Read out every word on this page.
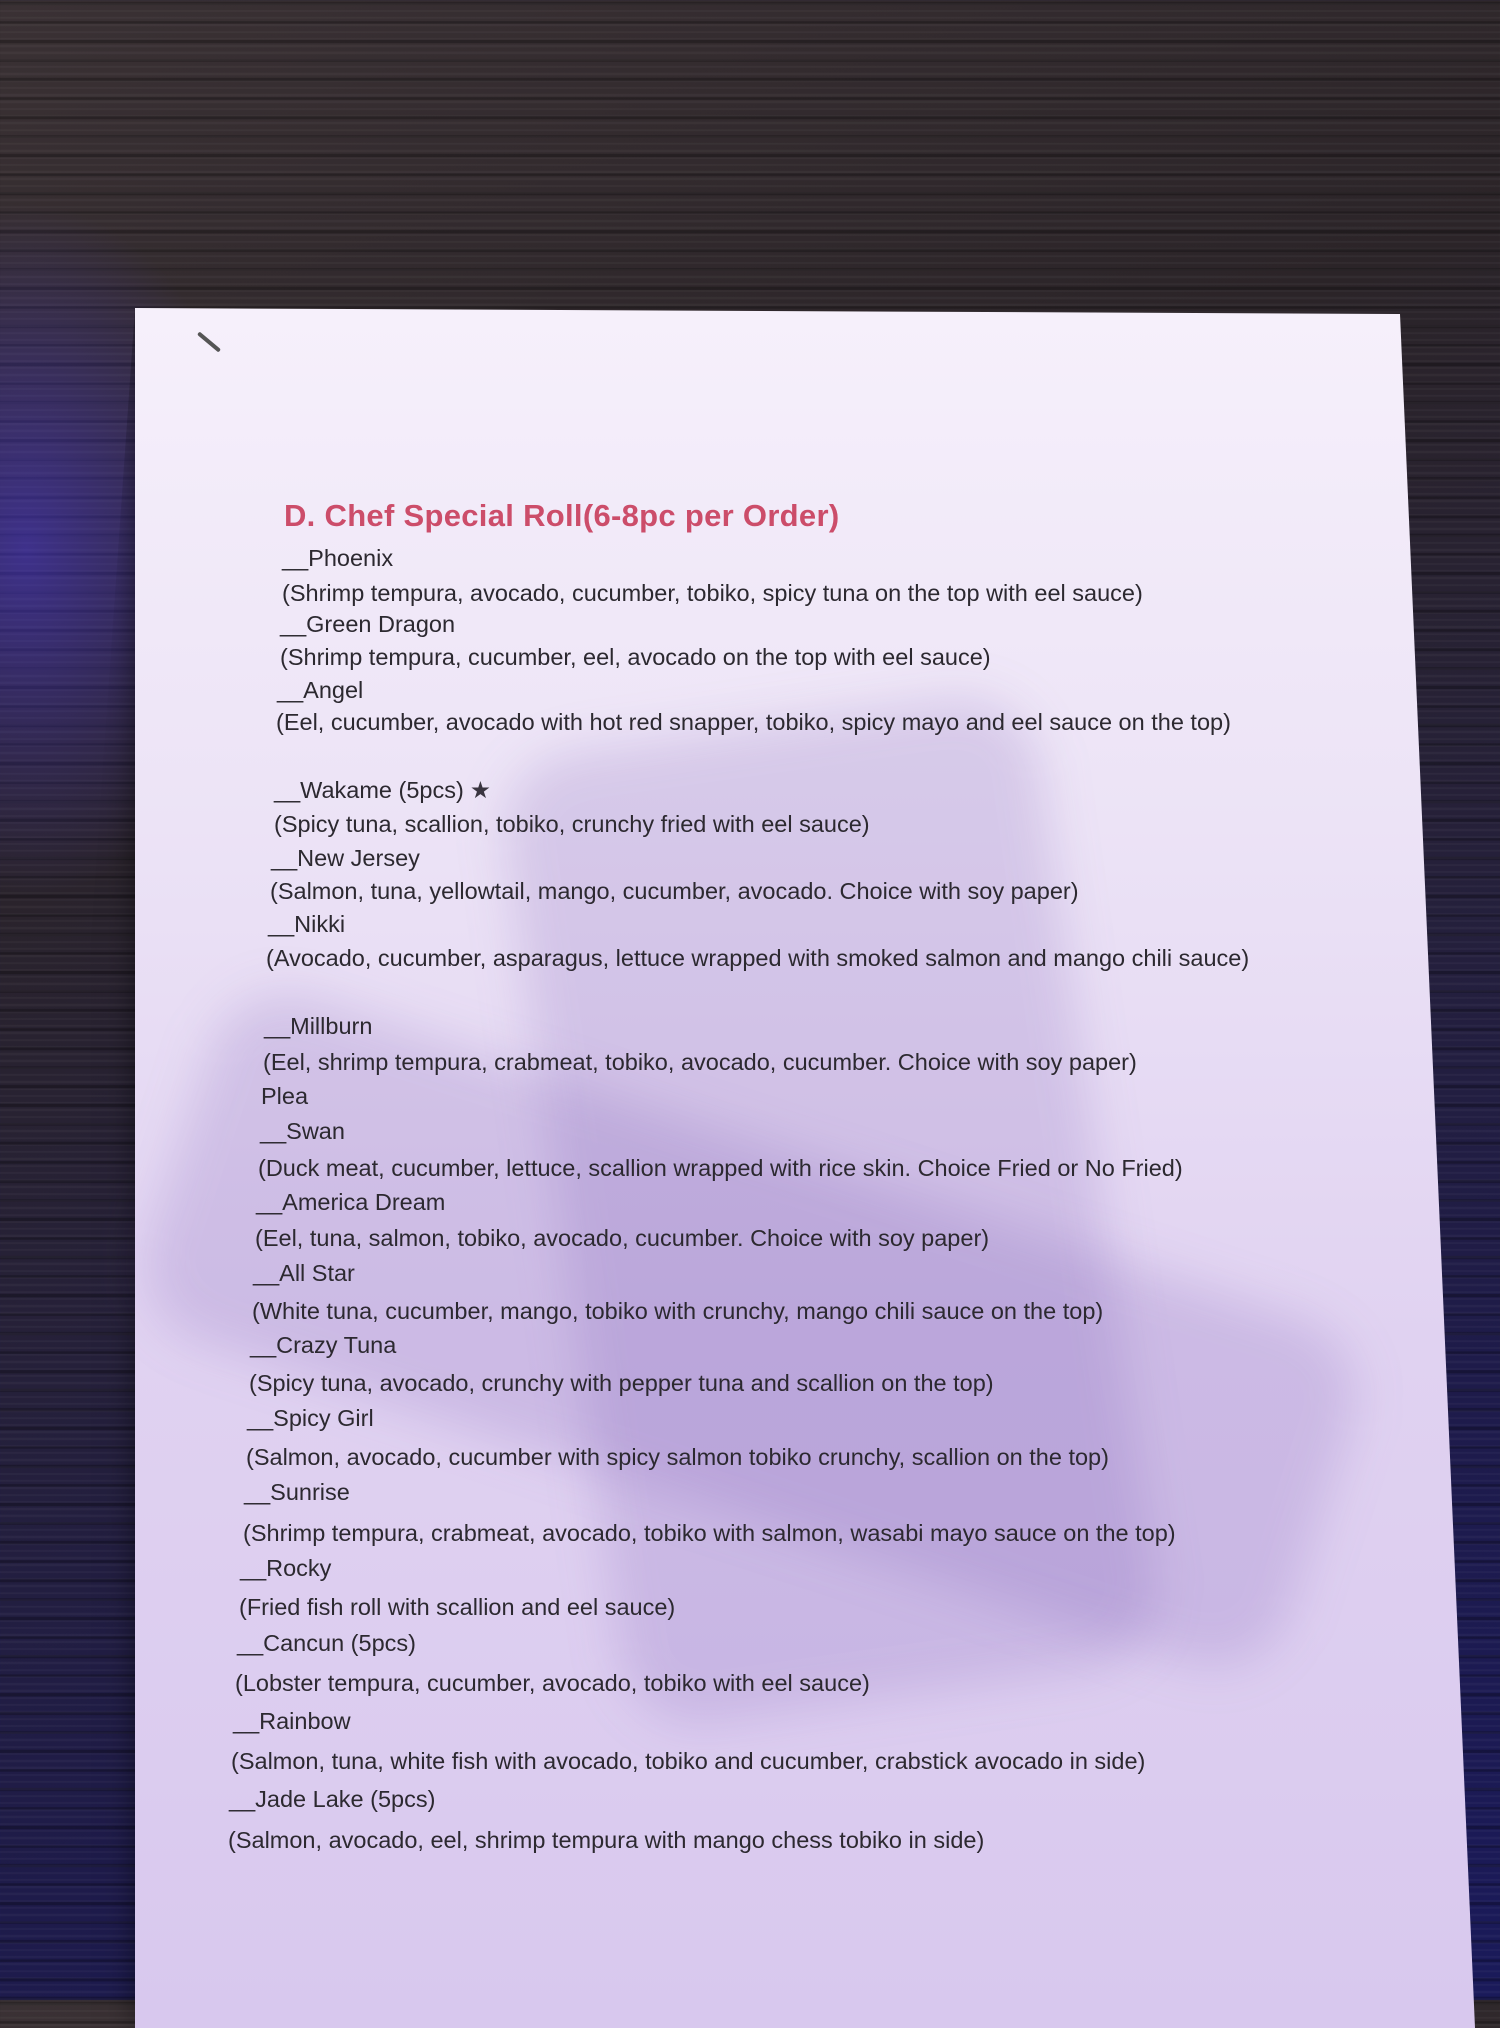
D. Chef Special Roll(6-8pc per Order)
__Phoenix
(Shrimp tempura, avocado, cucumber, tobiko, spicy tuna on the top with eel sauce)
__Green Dragon
(Shrimp tempura, cucumber, eel, avocado on the top with eel sauce)
__Angel
(Eel, cucumber, avocado with hot red snapper, tobiko, spicy mayo and eel sauce on the top)
__Wakame (5pcs) ★
(Spicy tuna, scallion, tobiko, crunchy fried with eel sauce)
__New Jersey
(Salmon, tuna, yellowtail, mango, cucumber, avocado. Choice with soy paper)
__Nikki
(Avocado, cucumber, asparagus, lettuce wrapped with smoked salmon and mango chili sauce)
__Millburn
(Eel, shrimp tempura, crabmeat, tobiko, avocado, cucumber. Choice with soy paper)
Plea
__Swan
(Duck meat, cucumber, lettuce, scallion wrapped with rice skin. Choice Fried or No Fried)
__America Dream
(Eel, tuna, salmon, tobiko, avocado, cucumber. Choice with soy paper)
__All Star
(White tuna, cucumber, mango, tobiko with crunchy, mango chili sauce on the top)
__Crazy Tuna
(Spicy tuna, avocado, crunchy with pepper tuna and scallion on the top)
__Spicy Girl
(Salmon, avocado, cucumber with spicy salmon tobiko crunchy, scallion on the top)
__Sunrise
(Shrimp tempura, crabmeat, avocado, tobiko with salmon, wasabi mayo sauce on the top)
__Rocky
(Fried fish roll with scallion and eel sauce)
__Cancun (5pcs)
(Lobster tempura, cucumber, avocado, tobiko with eel sauce)
__Rainbow
(Salmon, tuna, white fish with avocado, tobiko and cucumber, crabstick avocado in side)
__Jade Lake (5pcs)
(Salmon, avocado, eel, shrimp tempura with mango chess tobiko in side)
